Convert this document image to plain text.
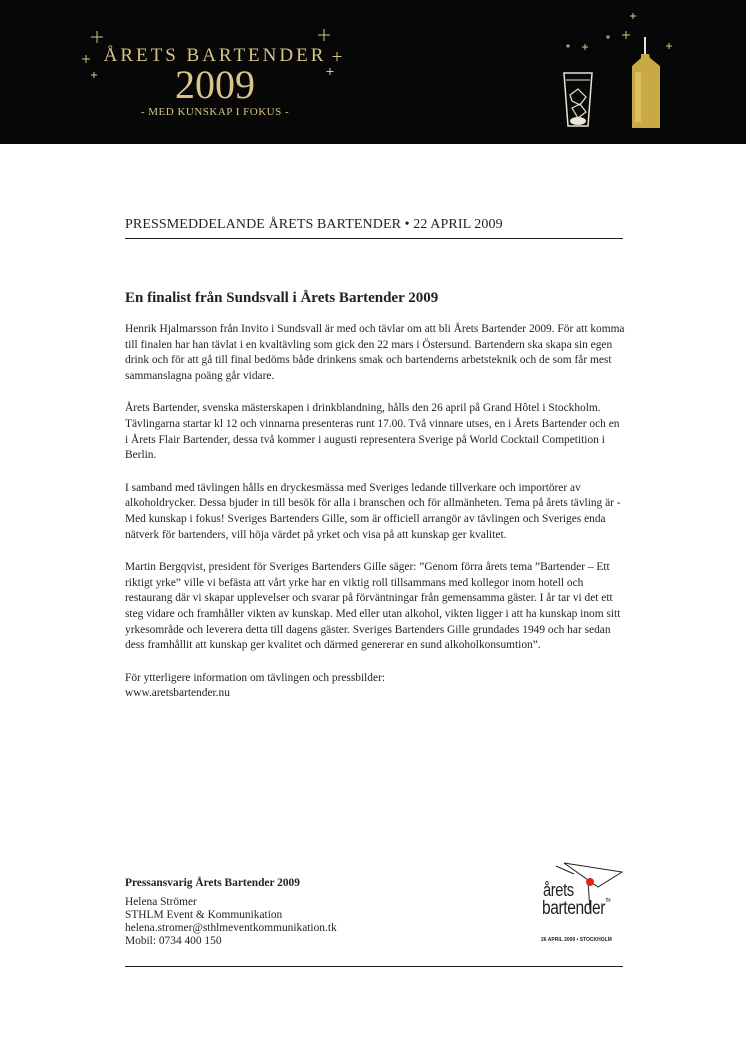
ÅRETS BARTENDER
2009
- MED KUNSKAP I FOKUS -
PRESSMEDDELANDE ÅRETS BARTENDER • 22 APRIL 2009
En finalist från Sundsvall i Årets Bartender 2009

Henrik Hjalmarsson från Invito i Sundsvall är med och tävlar om att bli Årets Bartender 2009. För att komma till finalen har han tävlat i en kvaltävling som gick den 22 mars i Östersund. Bartendern ska skapa sin egen drink och för att gå till final bedöms både drinkens smak och bartenderns arbetsteknik och de som får mest sammanslagna poäng går vidare.

Årets Bartender, svenska mästerskapen i drinkblandning, hålls den 26 april på Grand Hôtel i Stockholm. Tävlingarna startar kl 12 och vinnarna presenteras runt 17.00. Två vinnare utses, en i Årets Bartender och en i Årets Flair Bartender, dessa två kommer i augusti representera Sverige på World Cocktail Competition i Berlin.

I samband med tävlingen hålls en dryckesmässa med Sveriges ledande tillverkare och importörer av alkoholdrycker. Dessa bjuder in till besök för alla i branschen och för allmänheten. Tema på årets tävling är - Med kunskap i fokus! Sveriges Bartenders Gille, som är officiell arrangör av tävlingen och Sveriges enda nätverk för bartenders, vill höja värdet på yrket och visa på att kunskap ger kvalitet.

Martin Bergqvist, president för Sveriges Bartenders Gille säger: ”Genom förra årets tema ”Bartender – Ett riktigt yrke” ville vi befästa att vårt yrke har en viktig roll tillsammans med kollegor inom hotell och restaurang där vi skapar upplevelser och svarar på förväntningar från gemensamma gäster. I år tar vi det ett steg vidare och framhåller vikten av kunskap. Med eller utan alkohol, vikten ligger i att ha kunskap inom sitt yrkesområde och leverera detta till dagens gäster. Sveriges Bartenders Gille grundades 1949 och har sedan dess framhållit att kunskap ger kvalitet och därmed genererar en sund alkoholkonsumtion”.

För ytterligere information om tävlingen och pressbilder:
www.aretsbartender.nu
Pressansvarig Årets Bartender 2009
Helena Strömer
STHLM Event & Kommunikation
helena.stromer@sthlmeventkommunikation.tk
Mobil: 0734 400 150
årets
bartender™
26 APRIL 2009 • STOCKHOLM
